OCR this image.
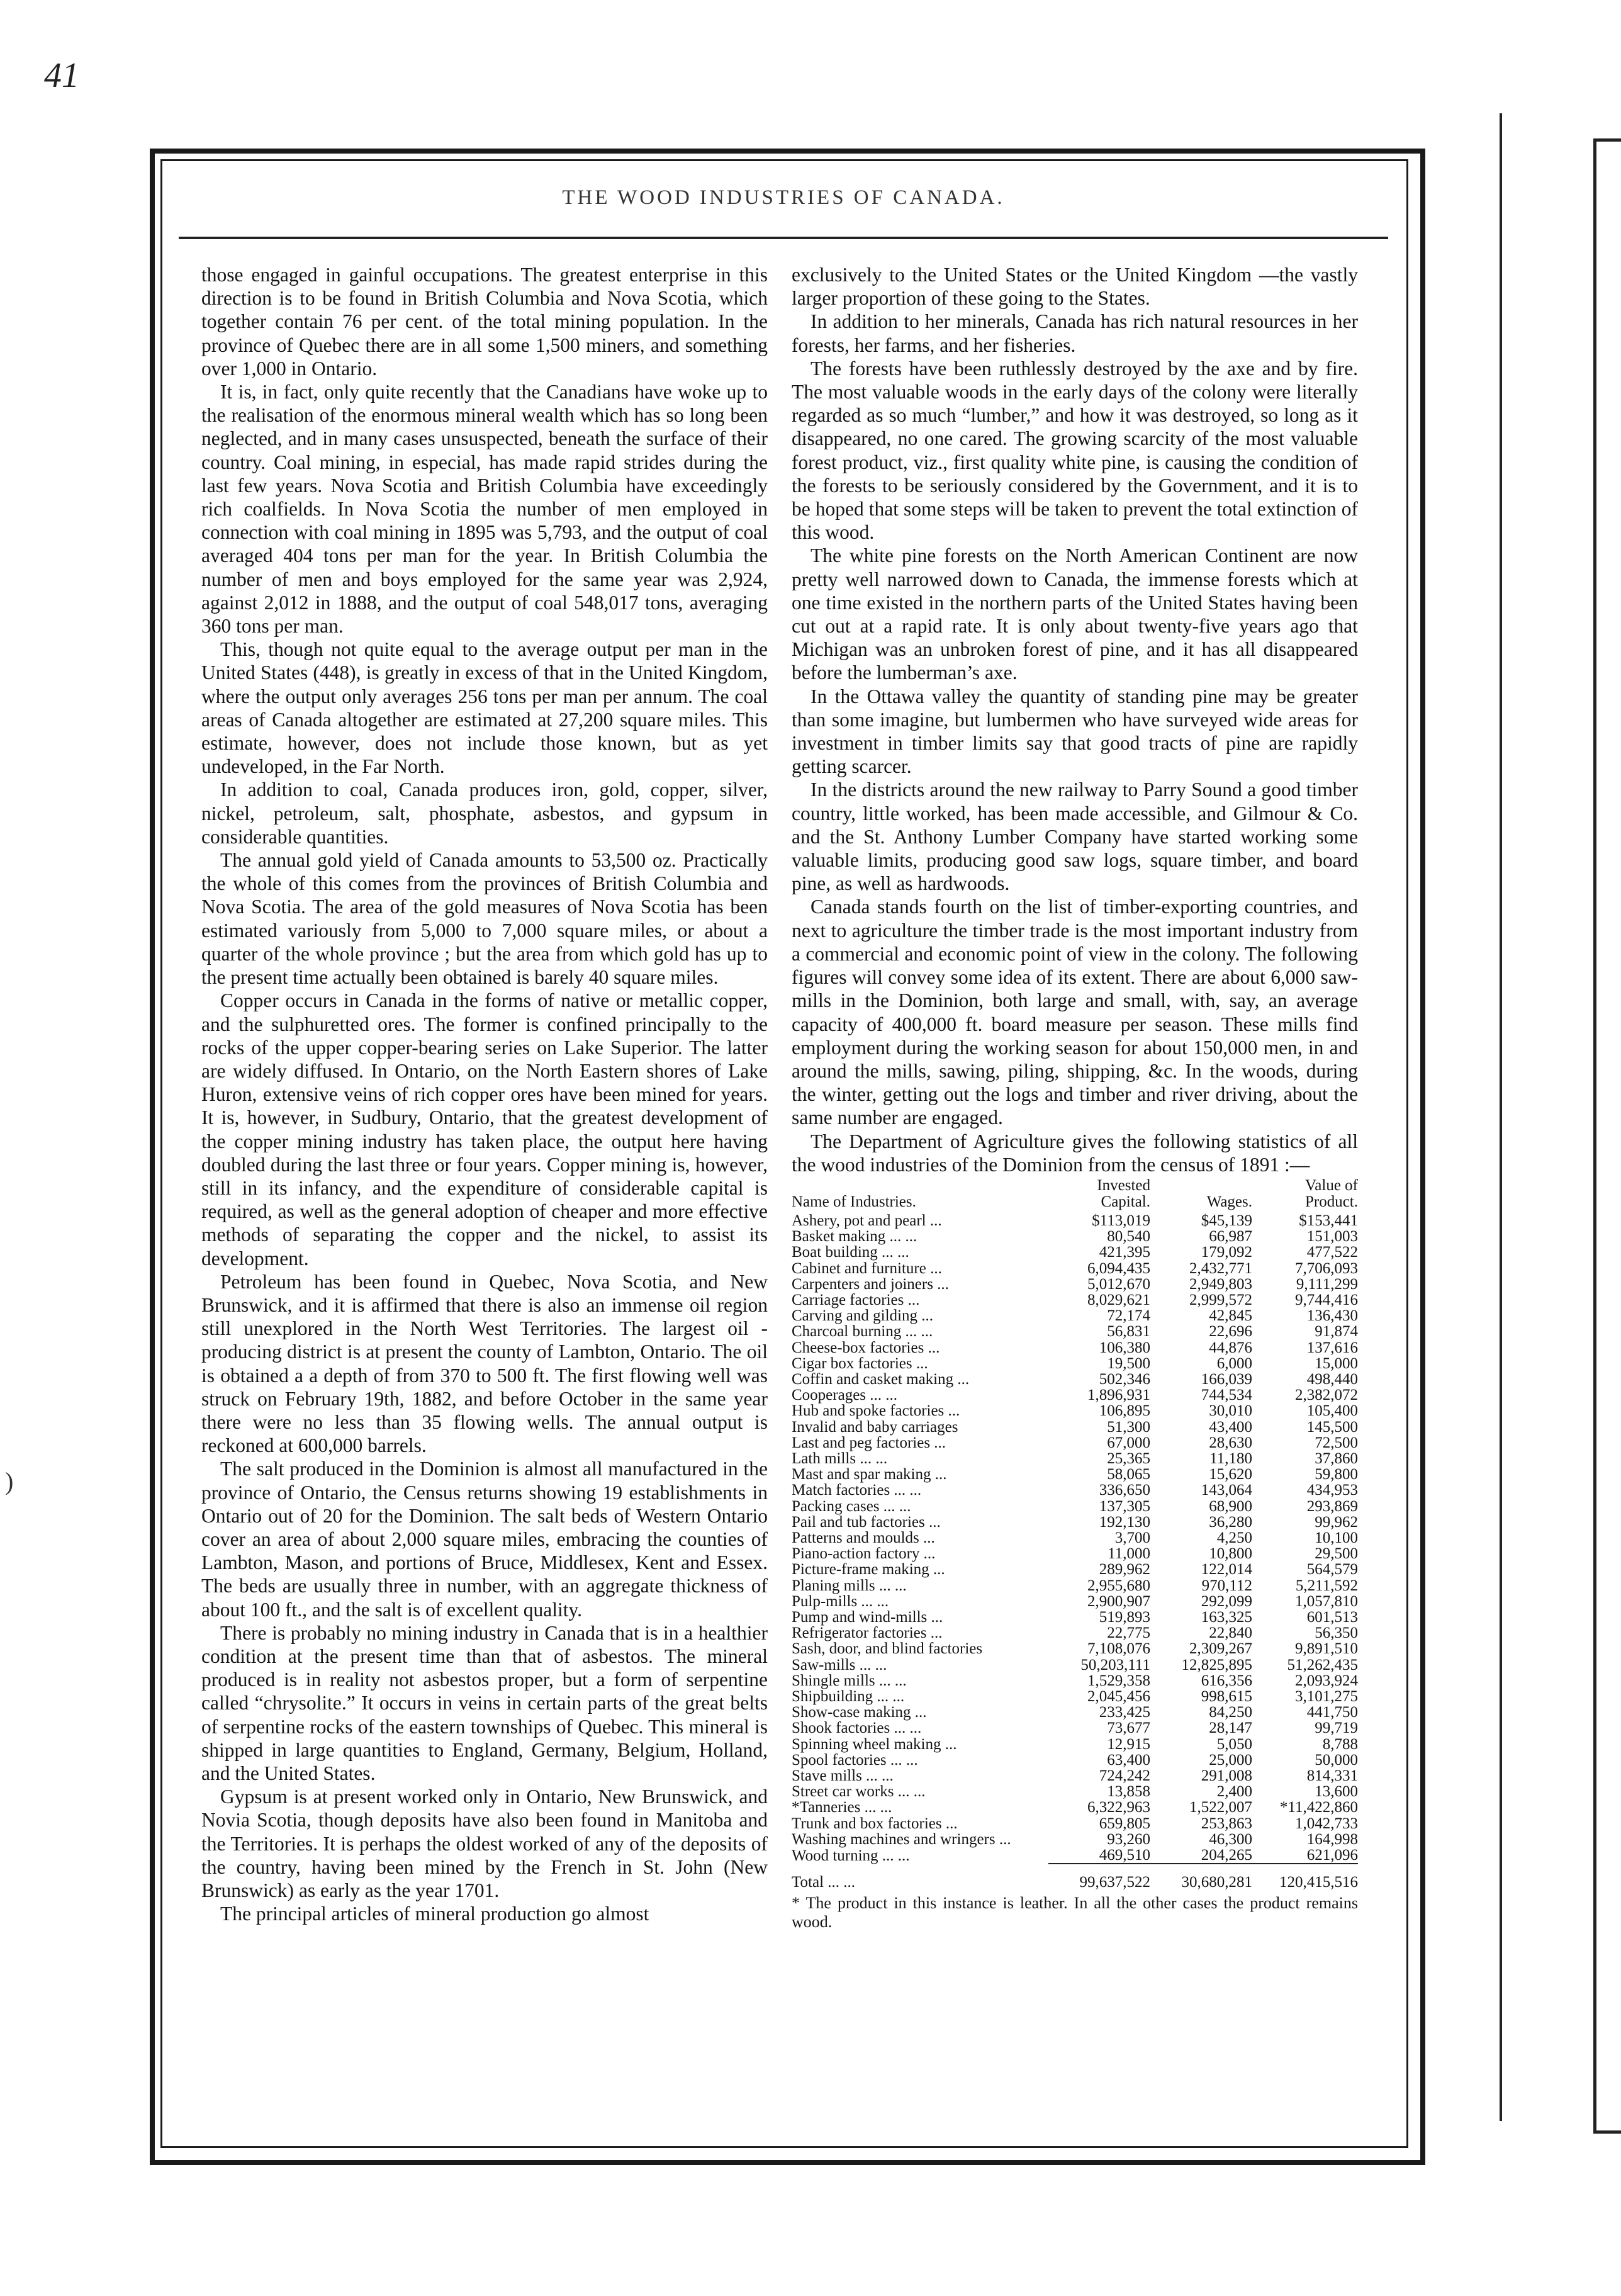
41
)
THE WOOD INDUSTRIES OF CANADA.

those engaged in gainful occupations. The greatest enterprise in this direction is to be found in British Columbia and Nova Scotia, which together contain 76 per cent. of the total mining population. In the province of Quebec there are in all some 1,500 miners, and something over 1,000 in Ontario.

It is, in fact, only quite recently that the Canadians have woke up to the realisation of the enormous mineral wealth which has so long been neglected, and in many cases unsuspected, beneath the surface of their country. Coal mining, in especial, has made rapid strides during the last few years. Nova Scotia and British Columbia have exceedingly rich coalfields. In Nova Scotia the number of men employed in connection with coal mining in 1895 was 5,793, and the output of coal averaged 404 tons per man for the year. In British Columbia the number of men and boys employed for the same year was 2,924, against 2,012 in 1888, and the output of coal 548,017 tons, averaging 360 tons per man.

This, though not quite equal to the average output per man in the United States (448), is greatly in excess of that in the United Kingdom, where the output only averages 256 tons per man per annum. The coal areas of Canada altogether are estimated at 27,200 square miles. This estimate, however, does not include those known, but as yet undeveloped, in the Far North.

In addition to coal, Canada produces iron, gold, copper, silver, nickel, petroleum, salt, phosphate, asbestos, and gypsum in considerable quantities.

The annual gold yield of Canada amounts to 53,500 oz. Practically the whole of this comes from the provinces of British Columbia and Nova Scotia. The area of the gold measures of Nova Scotia has been estimated variously from 5,000 to 7,000 square miles, or about a quarter of the whole province ; but the area from which gold has up to the present time actually been obtained is barely 40 square miles.

Copper occurs in Canada in the forms of native or metallic copper, and the sulphuretted ores. The former is confined principally to the rocks of the upper copper-bearing series on Lake Superior. The latter are widely diffused. In Ontario, on the North Eastern shores of Lake Huron, extensive veins of rich copper ores have been mined for years. It is, however, in Sudbury, Ontario, that the greatest development of the copper mining industry has taken place, the output here having doubled during the last three or four years. Copper mining is, however, still in its infancy, and the expenditure of considerable capital is required, as well as the general adoption of cheaper and more effective methods of separating the copper and the nickel, to assist its development.

Petroleum has been found in Quebec, Nova Scotia, and New Brunswick, and it is affirmed that there is also an immense oil region still unexplored in the North West Territories. The largest oil - producing district is at present the county of Lambton, Ontario. The oil is obtained a a depth of from 370 to 500 ft. The first flowing well was struck on February 19th, 1882, and before October in the same year there were no less than 35 flowing wells. The annual output is reckoned at 600,000 barrels.

The salt produced in the Dominion is almost all manufactured in the province of Ontario, the Census returns showing 19 establishments in Ontario out of 20 for the Dominion. The salt beds of Western Ontario cover an area of about 2,000 square miles, embracing the counties of Lambton, Mason, and portions of Bruce, Middlesex, Kent and Essex. The beds are usually three in number, with an aggregate thickness of about 100 ft., and the salt is of excellent quality.

There is probably no mining industry in Canada that is in a healthier condition at the present time than that of asbestos. The mineral produced is in reality not asbestos proper, but a form of serpentine called “chrysolite.” It occurs in veins in certain parts of the great belts of serpentine rocks of the eastern townships of Quebec. This mineral is shipped in large quantities to England, Germany, Belgium, Holland, and the United States.

Gypsum is at present worked only in Ontario, New Brunswick, and Novia Scotia, though deposits have also been found in Manitoba and the Territories. It is perhaps the oldest worked of any of the deposits of the country, having been mined by the French in St. John (New Brunswick) as early as the year 1701.

The principal articles of mineral production go almost

exclusively to the United States or the United Kingdom —the vastly larger proportion of these going to the States.

In addition to her minerals, Canada has rich natural resources in her forests, her farms, and her fisheries.

The forests have been ruthlessly destroyed by the axe and by fire. The most valuable woods in the early days of the colony were literally regarded as so much “lumber,” and how it was destroyed, so long as it disappeared, no one cared. The growing scarcity of the most valuable forest product, viz., first quality white pine, is causing the condition of the forests to be seriously considered by the Government, and it is to be hoped that some steps will be taken to prevent the total extinction of this wood.

The white pine forests on the North American Continent are now pretty well narrowed down to Canada, the immense forests which at one time existed in the northern parts of the United States having been cut out at a rapid rate. It is only about twenty-five years ago that Michigan was an unbroken forest of pine, and it has all disappeared before the lumberman’s axe.

In the Ottawa valley the quantity of standing pine may be greater than some imagine, but lumbermen who have surveyed wide areas for investment in timber limits say that good tracts of pine are rapidly getting scarcer.

In the districts around the new railway to Parry Sound a good timber country, little worked, has been made accessible, and Gilmour & Co. and the St. Anthony Lumber Company have started working some valuable limits, producing good saw logs, square timber, and board pine, as well as hardwoods.

Canada stands fourth on the list of timber-exporting countries, and next to agriculture the timber trade is the most important industry from a commercial and economic point of view in the colony. The following figures will convey some idea of its extent. There are about 6,000 saw-mills in the Dominion, both large and small, with, say, an average capacity of 400,000 ft. board measure per season. These mills find employment during the working season for about 150,000 men, in and around the mills, sawing, piling, shipping, &c. In the woods, during the winter, getting out the logs and timber and river driving, about the same number are engaged.

The Department of Agriculture gives the following statistics of all the wood industries of the Dominion from the census of 1891 :—

Name of Industries.	Invested Capital.	Wages.	Value of Product.
Ashery, pot and pearl ...	$113,019	$45,139	$153,441
Basket making ... ...	80,540	66,987	151,003
Boat building ... ...	421,395	179,092	477,522
Cabinet and furniture ...	6,094,435	2,432,771	7,706,093
Carpenters and joiners ...	5,012,670	2,949,803	9,111,299
Carriage factories ...	8,029,621	2,999,572	9,744,416
Carving and gilding ...	72,174	42,845	136,430
Charcoal burning ... ...	56,831	22,696	91,874
Cheese-box factories ...	106,380	44,876	137,616
Cigar box factories ...	19,500	6,000	15,000
Coffin and casket making ...	502,346	166,039	498,440
Cooperages ... ...	1,896,931	744,534	2,382,072
Hub and spoke factories ...	106,895	30,010	105,400
Invalid and baby carriages	51,300	43,400	145,500
Last and peg factories ...	67,000	28,630	72,500
Lath mills ... ...	25,365	11,180	37,860
Mast and spar making ...	58,065	15,620	59,800
Match factories ... ...	336,650	143,064	434,953
Packing cases ... ...	137,305	68,900	293,869
Pail and tub factories ...	192,130	36,280	99,962
Patterns and moulds ...	3,700	4,250	10,100
Piano-action factory ...	11,000	10,800	29,500
Picture-frame making ...	289,962	122,014	564,579
Planing mills ... ...	2,955,680	970,112	5,211,592
Pulp-mills ... ...	2,900,907	292,099	1,057,810
Pump and wind-mills ...	519,893	163,325	601,513
Refrigerator factories ...	22,775	22,840	56,350
Sash, door, and blind factories	7,108,076	2,309,267	9,891,510
Saw-mills ... ...	50,203,111	12,825,895	51,262,435
Shingle mills ... ...	1,529,358	616,356	2,093,924
Shipbuilding ... ...	2,045,456	998,615	3,101,275
Show-case making ...	233,425	84,250	441,750
Shook factories ... ...	73,677	28,147	99,719
Spinning wheel making ...	12,915	5,050	8,788
Spool factories ... ...	63,400	25,000	50,000
Stave mills ... ...	724,242	291,008	814,331
Street car works ... ...	13,858	2,400	13,600
*Tanneries ... ...	6,322,963	1,522,007	*11,422,860
Trunk and box factories ...	659,805	253,863	1,042,733
Washing machines and wringers ...	93,260	46,300	164,998
Wood turning ... ...	469,510	204,265	621,096
Total ... ...	99,637,522	30,680,281	120,415,516
* The product in this instance is leather. In all the other cases the product remains wood.
